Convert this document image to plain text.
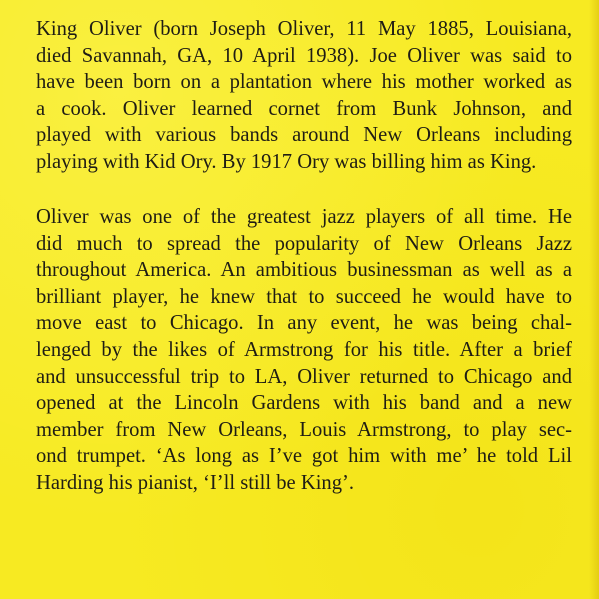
King Oliver (born Joseph Oliver, 11 May 1885, Louisiana,
died Savannah, GA, 10 April 1938). Joe Oliver was said to
have been born on a plantation where his mother worked as
a cook. Oliver learned cornet from Bunk Johnson, and
played with various bands around New Orleans including
playing with Kid Ory. By 1917 Ory was billing him as King.
Oliver was one of the greatest jazz players of all time. He
did much to spread the popularity of New Orleans Jazz
throughout America. An ambitious businessman as well as a
brilliant player, he knew that to succeed he would have to
move east to Chicago. In any event, he was being chal-
lenged by the likes of Armstrong for his title. After a brief
and unsuccessful trip to LA, Oliver returned to Chicago and
opened at the Lincoln Gardens with his band and a new
member from New Orleans, Louis Armstrong, to play sec-
ond trumpet. ‘As long as I’ve got him with me’ he told Lil
Harding his pianist, ‘I’ll still be King’.
